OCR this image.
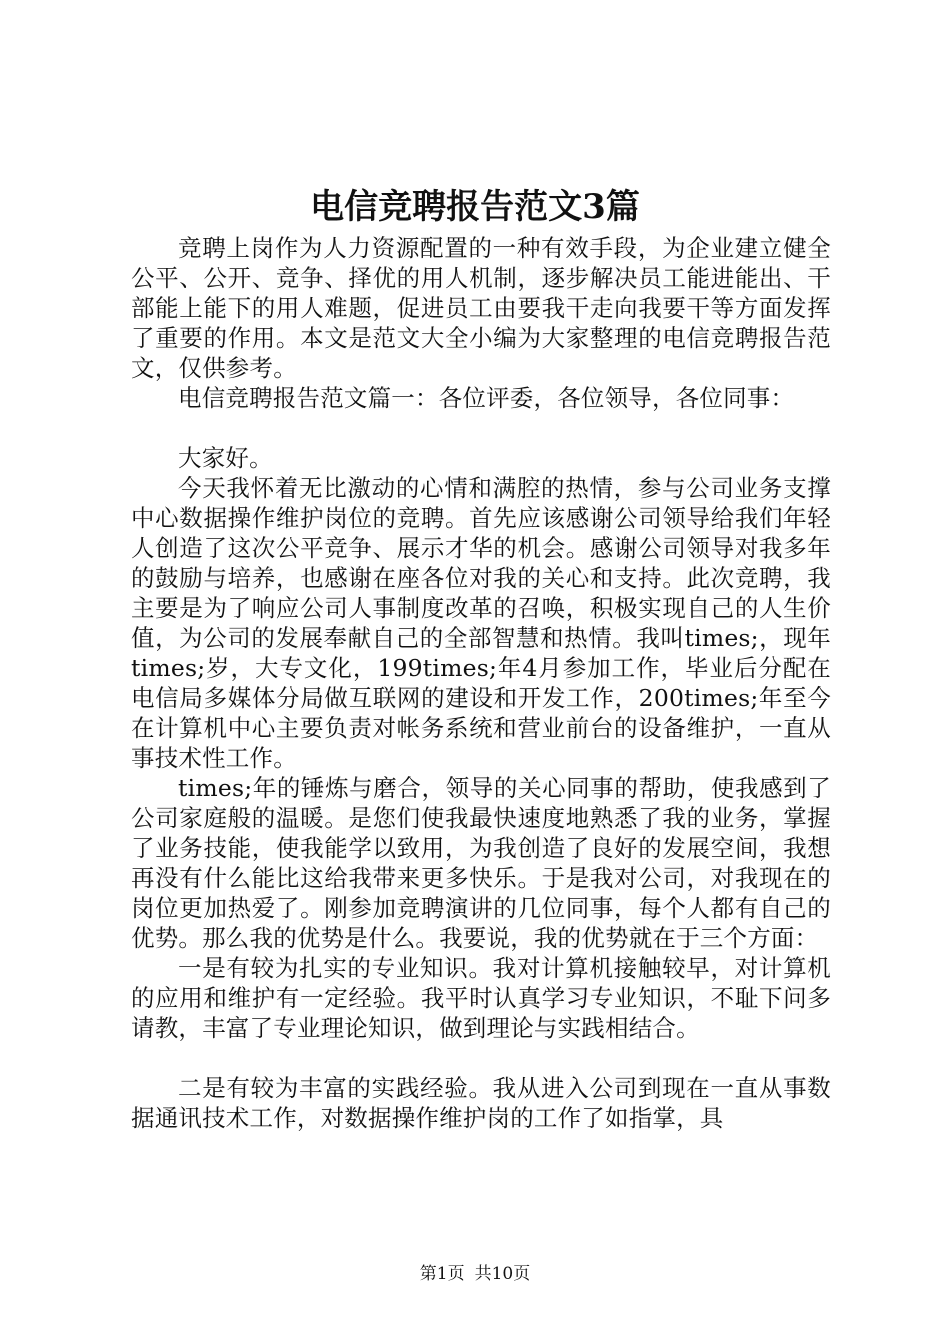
电信竞聘报告范文3篇

竞聘上岗作为人力资源配置的一种有效手段，为企业建立健全公平、公开、竞争、择优的用人机制，逐步解决员工能进能出、干部能上能下的用人难题，促进员工由要我干走向我要干等方面发挥了重要的作用。本文是范文大全小编为大家整理的电信竞聘报告范文，仅供参考。

电信竞聘报告范文篇一：各位评委，各位领导，各位同事：

大家好。

今天我怀着无比激动的心情和满腔的热情，参与公司业务支撑中心数据操作维护岗位的竞聘。首先应该感谢公司领导给我们年轻人创造了这次公平竞争、展示才华的机会。感谢公司领导对我多年的鼓励与培养，也感谢在座各位对我的关心和支持。此次竞聘，我主要是为了响应公司人事制度改革的召唤，积极实现自己的人生价值，为公司的发展奉献自己的全部智慧和热情。我叫times;，现年times;岁，大专文化，199times;年4月参加工作，毕业后分配在电信局多媒体分局做互联网的建设和开发工作，200times;年至今在计算机中心主要负责对帐务系统和营业前台的设备维护，一直从事技术性工作。

times;年的锤炼与磨合，领导的关心同事的帮助，使我感到了公司家庭般的温暖。是您们使我最快速度地熟悉了我的业务，掌握了业务技能，使我能学以致用，为我创造了良好的发展空间，我想再没有什么能比这给我带来更多快乐。于是我对公司，对我现在的岗位更加热爱了。刚参加竞聘演讲的几位同事，每个人都有自己的优势。那么我的优势是什么。我要说，我的优势就在于三个方面：

一是有较为扎实的专业知识。我对计算机接触较早，对计算机的应用和维护有一定经验。我平时认真学习专业知识，不耻下问多请教，丰富了专业理论知识，做到理论与实践相结合。

二是有较为丰富的实践经验。我从进入公司到现在一直从事数据通讯技术工作，对数据操作维护岗的工作了如指掌，具

第1页 共10页
